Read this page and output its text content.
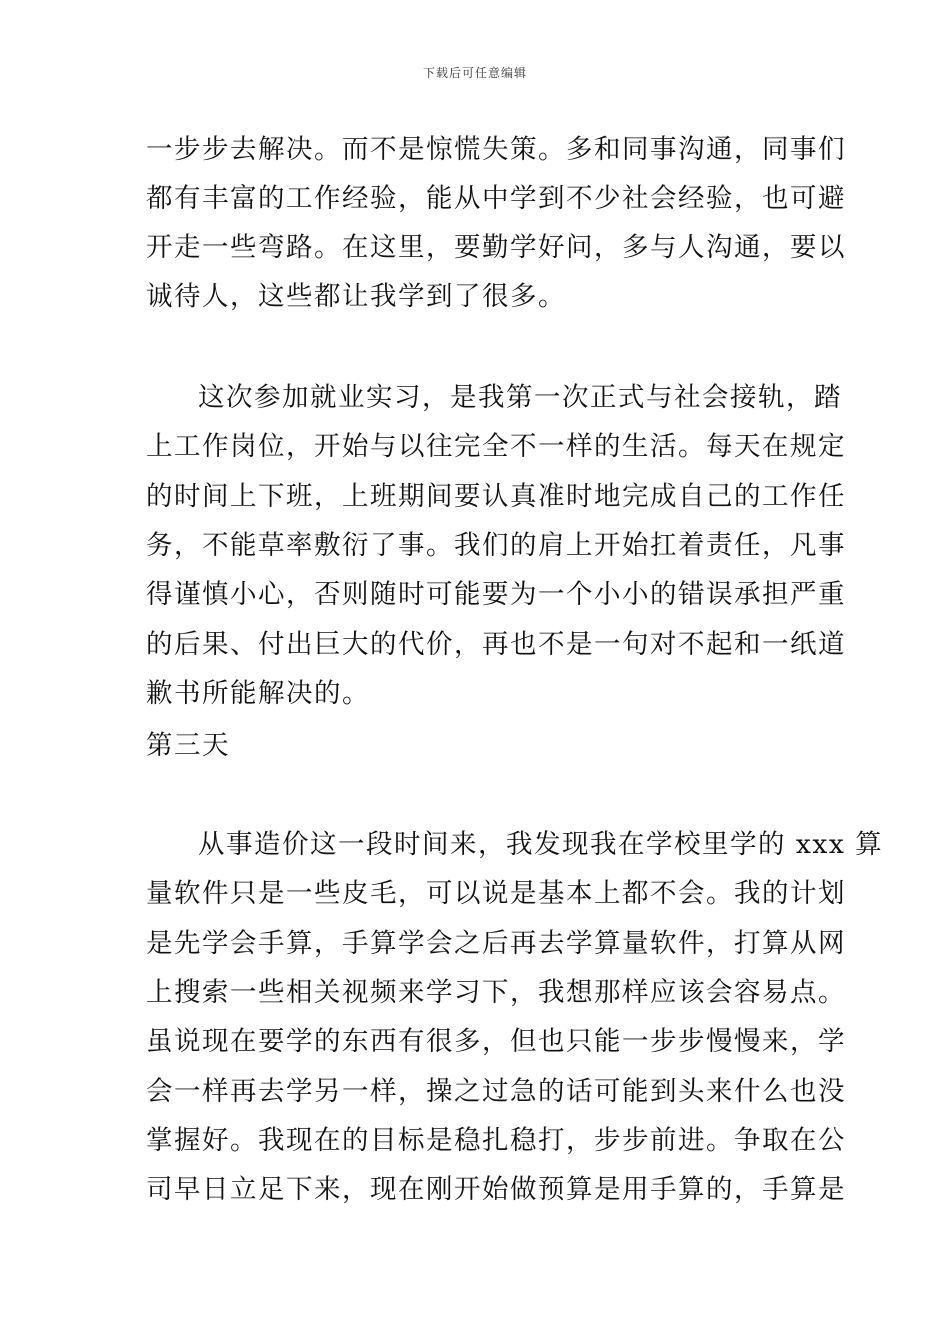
下载后可任意编辑
一步步去解决。而不是惊慌失策。多和同事沟通，同事们
都有丰富的工作经验，能从中学到不少社会经验，也可避
开走一些弯路。在这里，要勤学好问，多与人沟通，要以
诚待人，这些都让我学到了很多。
这次参加就业实习，是我第一次正式与社会接轨，踏
上工作岗位，开始与以往完全不一样的生活。每天在规定
的时间上下班，上班期间要认真准时地完成自己的工作任
务，不能草率敷衍了事。我们的肩上开始扛着责任，凡事
得谨慎小心，否则随时可能要为一个小小的错误承担严重
的后果、付出巨大的代价，再也不是一句对不起和一纸道
歉书所能解决的。
第三天
从事造价这一段时间来，我发现我在学校里学的 xxx 算
量软件只是一些皮毛，可以说是基本上都不会。我的计划
是先学会手算，手算学会之后再去学算量软件，打算从网
上搜索一些相关视频来学习下，我想那样应该会容易点。
虽说现在要学的东西有很多，但也只能一步步慢慢来，学
会一样再去学另一样，操之过急的话可能到头来什么也没
掌握好。我现在的目标是稳扎稳打，步步前进。争取在公
司早日立足下来，现在刚开始做预算是用手算的，手算是
